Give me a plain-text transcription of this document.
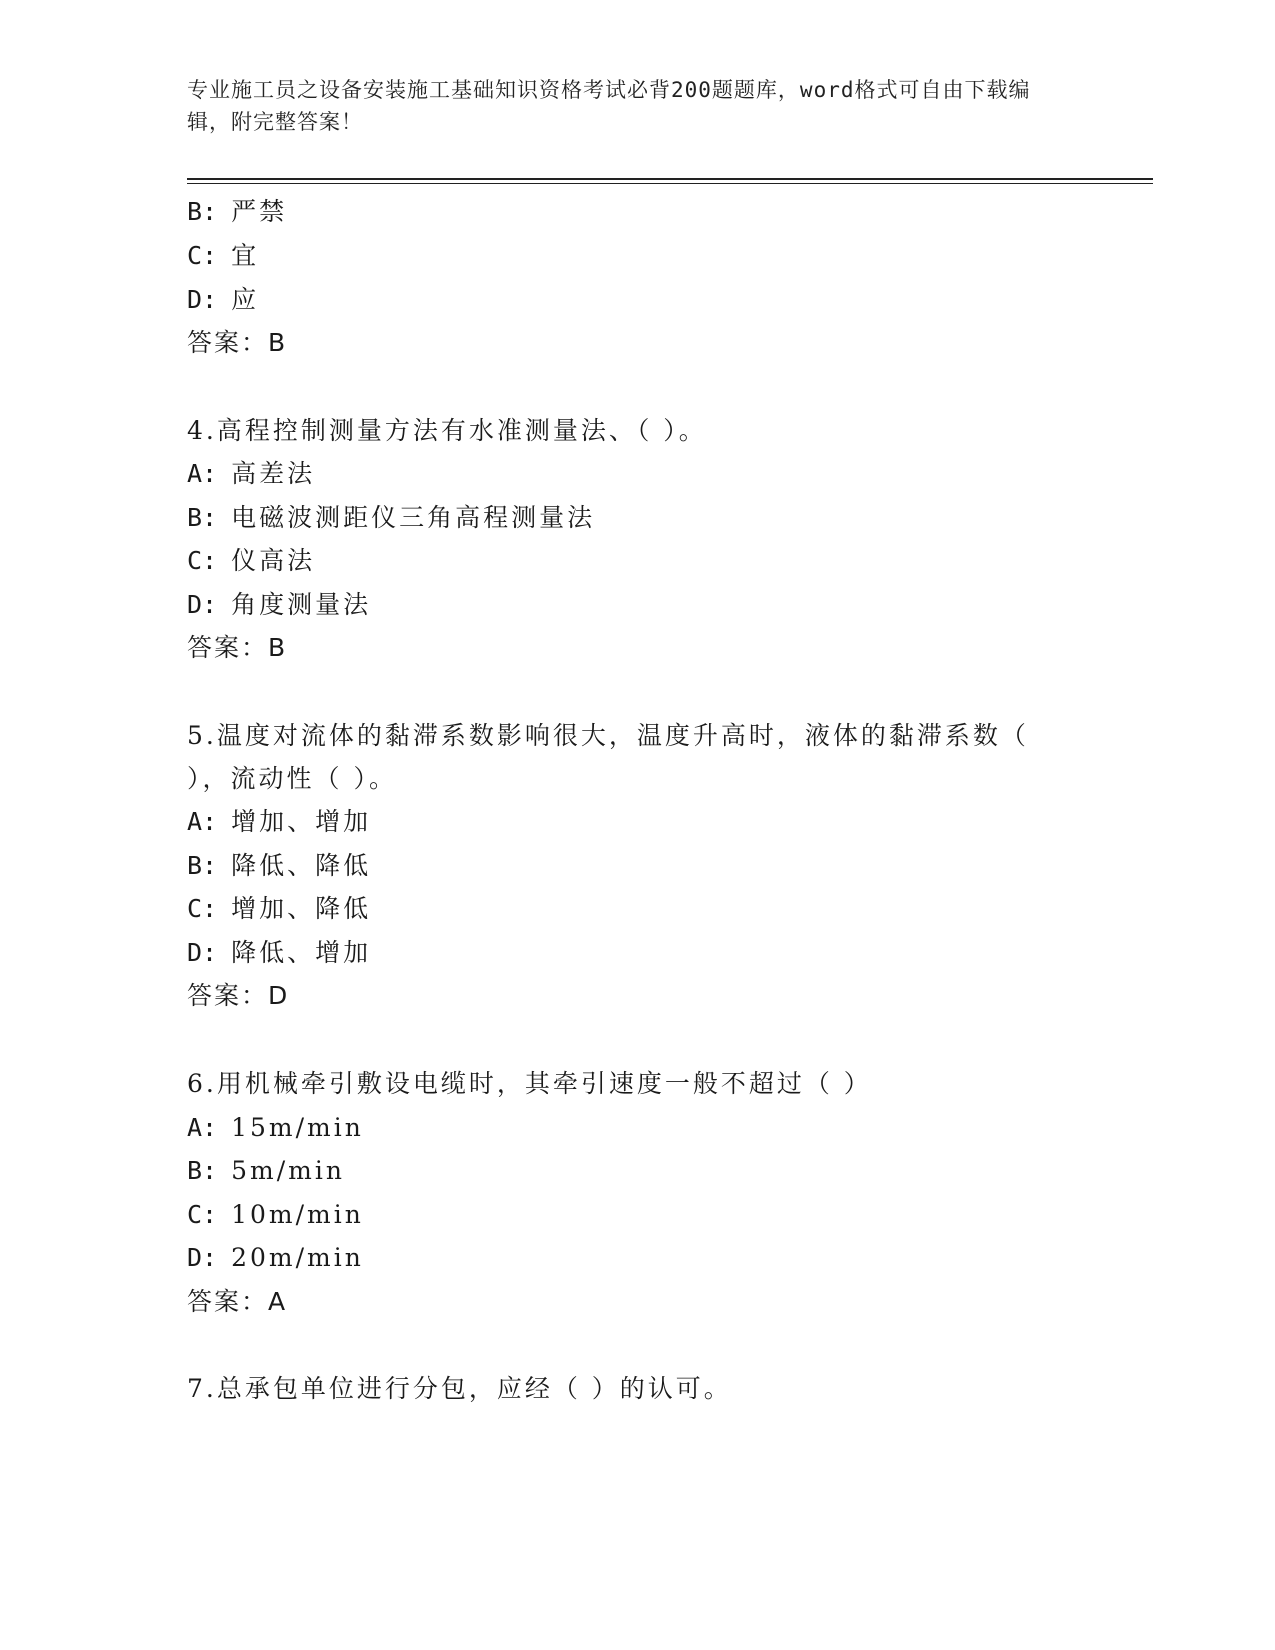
专业施工员之设备安装施工基础知识资格考试必背200题题库，word格式可自由下载编辑，附完整答案！
B: 严禁
C: 宜
D: 应
答案：B
4.高程控制测量方法有水准测量法、（ ）。
A: 高差法
B: 电磁波测距仪三角高程测量法
C: 仪高法
D: 角度测量法
答案：B
5.温度对流体的黏滞系数影响很大，温度升高时，液体的黏滞系数（
），流动性（ ）。
A: 增加、增加
B: 降低、降低
C: 增加、降低
D: 降低、增加
答案：D
6.用机械牵引敷设电缆时，其牵引速度一般不超过（ ）
A: 15m/min
B: 5m/min
C: 10m/min
D: 20m/min
答案：A
7.总承包单位进行分包，应经（ ）的认可。
